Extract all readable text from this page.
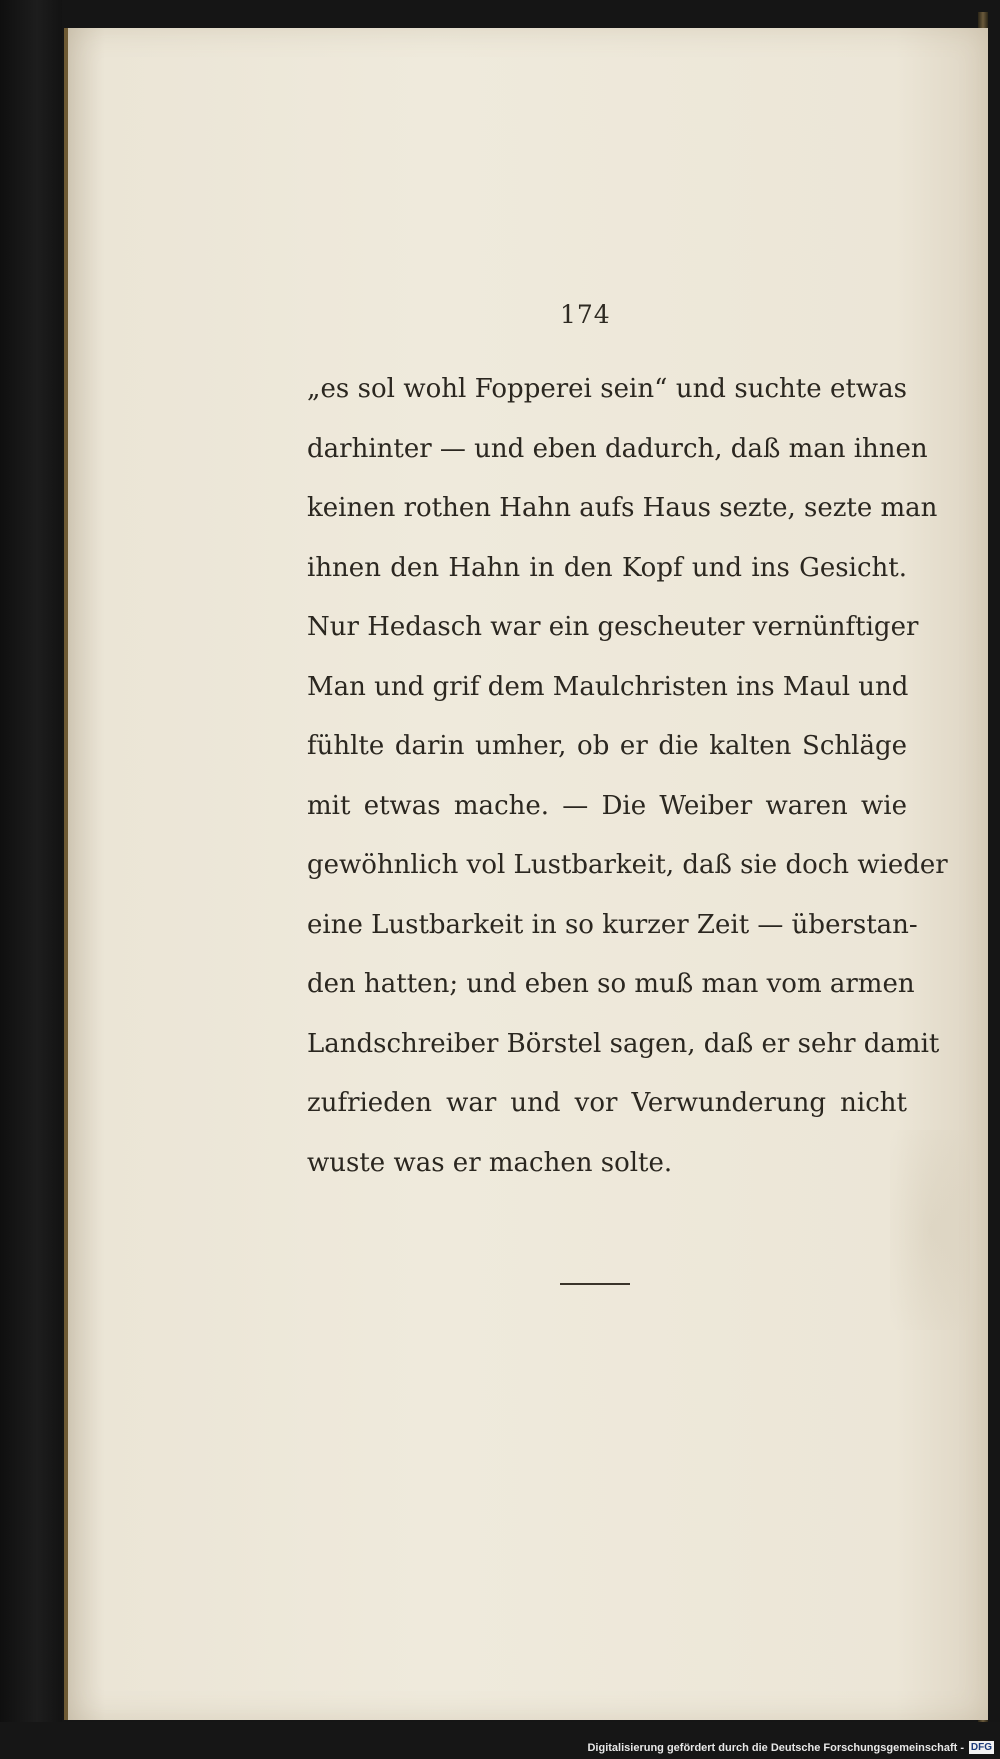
174
„es sol wohl Fopperei sein“ und suchte etwas
darhinter — und eben dadurch, daß man ihnen
keinen rothen Hahn aufs Haus sezte, sezte man
ihnen den Hahn in den Kopf und ins Gesicht.
Nur Hedasch war ein gescheuter vernünftiger
Man und grif dem Maulchristen ins Maul und
fühlte darin umher, ob er die kalten Schläge
mit etwas mache. — Die Weiber waren wie
gewöhnlich vol Lustbarkeit, daß sie doch wieder
eine Lustbarkeit in so kurzer Zeit — überstan-
den hatten; und eben so muß man vom armen
Landschreiber Börstel sagen, daß er sehr damit
zufrieden war und vor Verwunderung nicht
wuste was er machen solte.
Digitalisierung gefördert durch die Deutsche Forschungsgemeinschaft - DFG
